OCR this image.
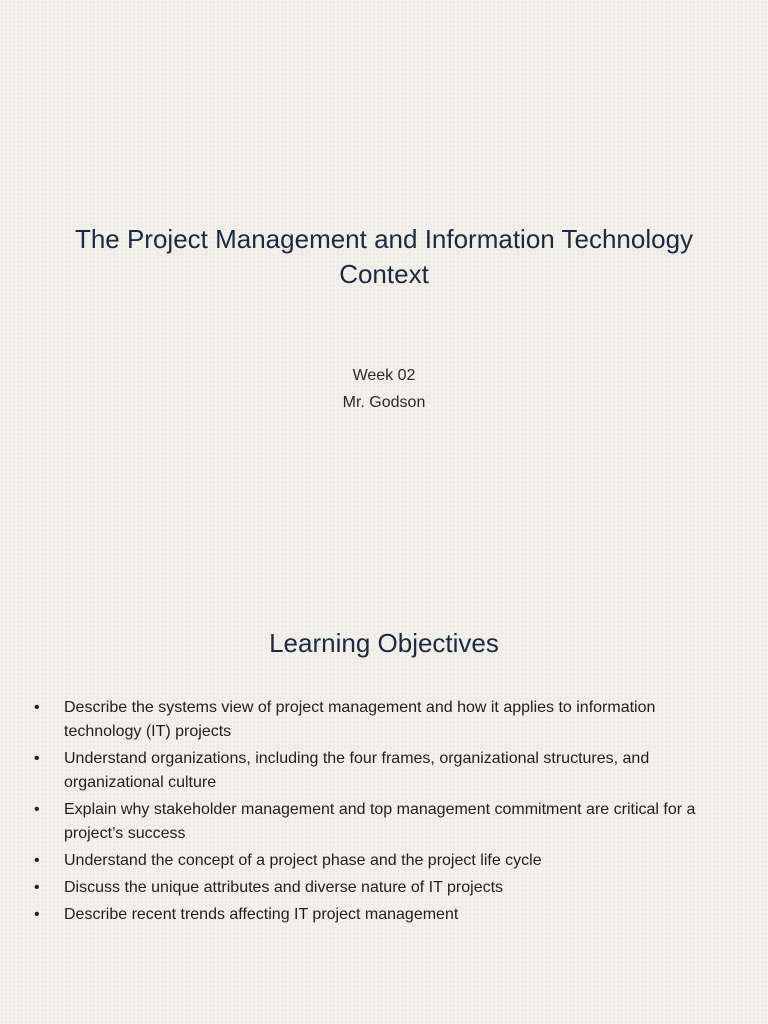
The Project Management and Information Technology Context
Week 02
Mr. Godson
Learning Objectives
• Describe the systems view of project management and how it applies to information technology (IT) projects
• Understand organizations, including the four frames, organizational structures, and organizational culture
• Explain why stakeholder management and top management commitment are critical for a project’s success
• Understand the concept of a project phase and the project life cycle
• Discuss the unique attributes and diverse nature of IT projects
• Describe recent trends affecting IT project management
